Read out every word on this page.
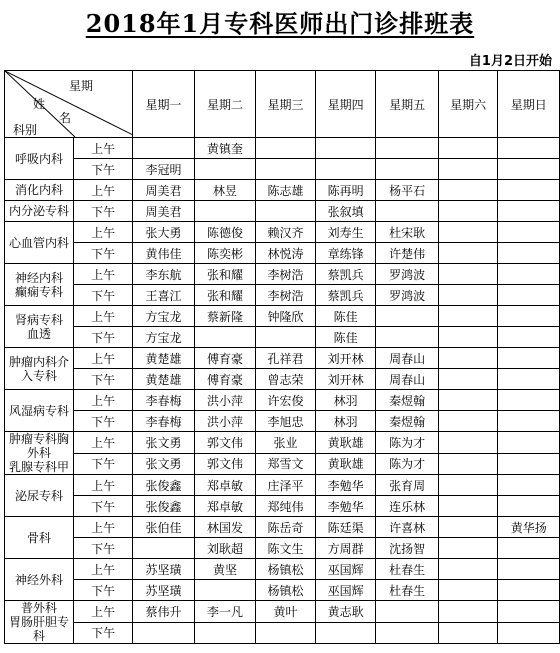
2018年1月专科医师出门诊排班表
自1月2日开始
星期
姓
名
科别		星期一	星期二	星期三	星期四	星期五	星期六	星期日
呼吸内科	上午		黄镇奎					
	下午	李冠明						
消化内科	上午	周美君	林昱	陈志雄	陈再明	杨平石		
内分泌专科	下午	周美君			张叙填			
心血管内科	上午	张大勇	陈德俊	赖汉齐	刘寿生	杜宋耿		
	下午	黄伟佳	陈奕彬	林悦涛	章练锋	许楚伟		
神经内科
癫痫专科	上午	李东航	张和耀	李树浩	蔡凯兵	罗鸿波		
	下午	王喜江	张和耀	李树浩	蔡凯兵	罗鸿波		
肾病专科
血透	上午	方宝龙	蔡新隆	钟隆欣	陈佳			
	下午	方宝龙			陈佳			
肿瘤内科介
入专科	上午	黄楚雄	傅育豪	孔祥君	刘开林	周春山		
	下午	黄楚雄	傅育豪	曾志荣	刘开林	周春山		
风湿病专科	上午	李春梅	洪小萍	许宏俊	林羽	秦煜翰		
	下午	李春梅	洪小萍	李旭忠	林羽	秦煜翰		
肿瘤专科胸
外科
乳腺专科甲	上午	张文勇	郭文伟	张业	黄耿雄	陈为才		
	下午	张文勇	郭文伟	郑雪文	黄耿雄	陈为才		
泌尿专科	上午	张俊鑫	郑卓敏	庄泽平	李勉华	张育周		
	下午	张俊鑫	郑卓敏	郑纯伟	李勉华	连乐林		
骨科	上午	张伯佳	林国发	陈岳奇	陈廷渠	许喜林		黄华扬
	下午		刘耿超	陈文生	方周群	沈扬智		
神经外科	上午	苏坚璜	黄坚	杨镇松	巫国辉	杜春生		
	下午	苏坚璜		杨镇松	巫国辉	杜春生		
普外科
胃肠肝胆专科	上午	蔡伟升	李一凡	黄叶	黄志耿			
	下午							
